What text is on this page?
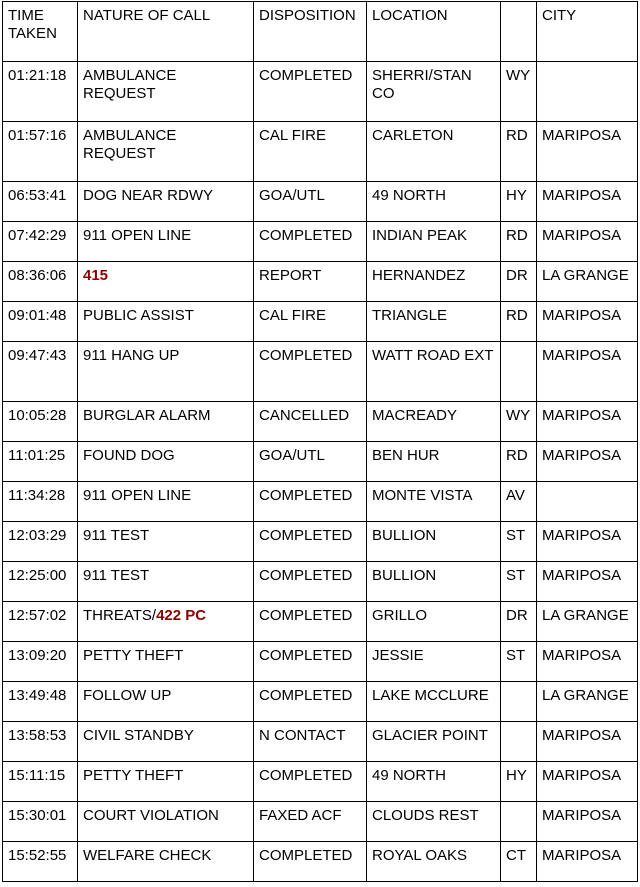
TIME TAKEN	NATURE OF CALL	DISPOSITION	LOCATION		CITY
01:21:18	AMBULANCE REQUEST	COMPLETED	SHERRI/STAN CO	WY	
01:57:16	AMBULANCE REQUEST	CAL FIRE	CARLETON	RD	MARIPOSA
06:53:41	DOG NEAR RDWY	GOA/UTL	49 NORTH	HY	MARIPOSA
07:42:29	911 OPEN LINE	COMPLETED	INDIAN PEAK	RD	MARIPOSA
08:36:06	415	REPORT	HERNANDEZ	DR	LA GRANGE
09:01:48	PUBLIC ASSIST	CAL FIRE	TRIANGLE	RD	MARIPOSA
09:47:43	911 HANG UP	COMPLETED	WATT ROAD EXT		MARIPOSA
10:05:28	BURGLAR ALARM	CANCELLED	MACREADY	WY	MARIPOSA
11:01:25	FOUND DOG	GOA/UTL	BEN HUR	RD	MARIPOSA
11:34:28	911 OPEN LINE	COMPLETED	MONTE VISTA	AV	
12:03:29	911 TEST	COMPLETED	BULLION	ST	MARIPOSA
12:25:00	911 TEST	COMPLETED	BULLION	ST	MARIPOSA
12:57:02	THREATS/422 PC	COMPLETED	GRILLO	DR	LA GRANGE
13:09:20	PETTY THEFT	COMPLETED	JESSIE	ST	MARIPOSA
13:49:48	FOLLOW UP	COMPLETED	LAKE MCCLURE		LA GRANGE
13:58:53	CIVIL STANDBY	N CONTACT	GLACIER POINT		MARIPOSA
15:11:15	PETTY THEFT	COMPLETED	49 NORTH	HY	MARIPOSA
15:30:01	COURT VIOLATION	FAXED ACF	CLOUDS REST		MARIPOSA
15:52:55	WELFARE CHECK	COMPLETED	ROYAL OAKS	CT	MARIPOSA
